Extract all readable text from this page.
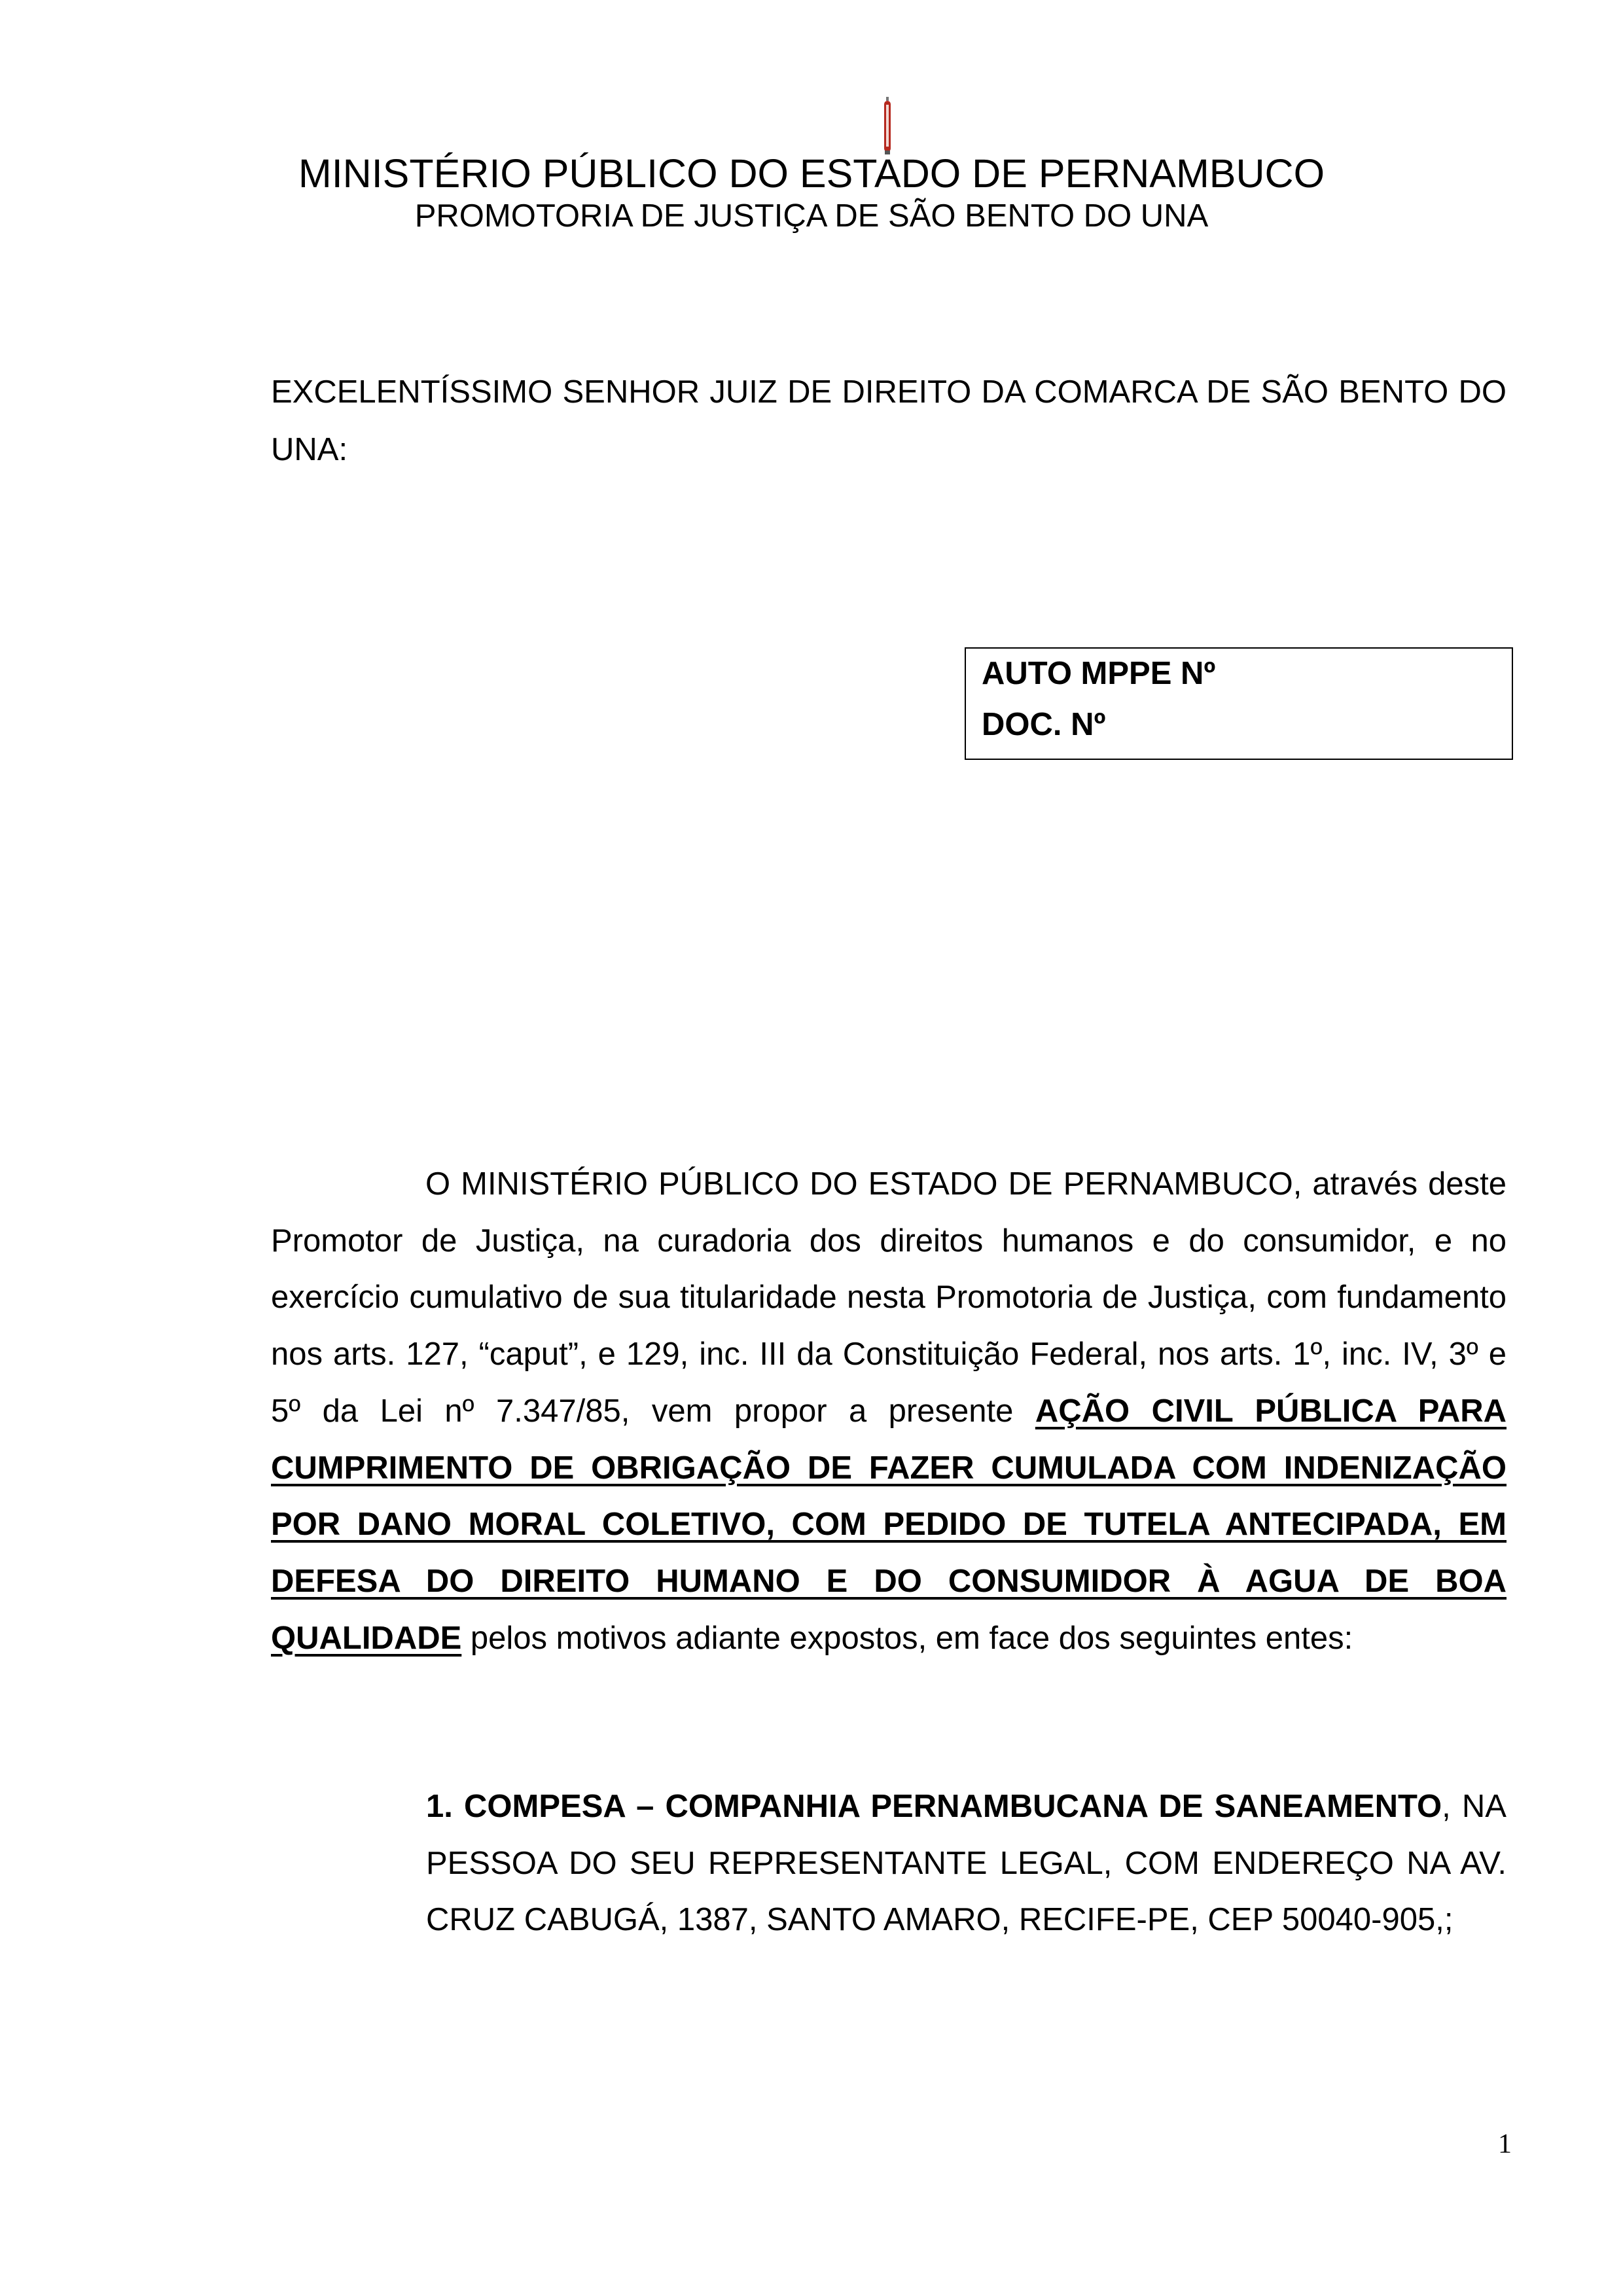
MINISTÉRIO PÚBLICO DO ESTADO DE PERNAMBUCO
PROMOTORIA DE JUSTIÇA DE SÃO BENTO DO UNA
EXCELENTÍSSIMO SENHOR JUIZ DE DIREITO DA COMARCA DE SÃO BENTO DO UNA:
AUTO MPPE Nº
DOC. Nº
O MINISTÉRIO PÚBLICO DO ESTADO DE PERNAMBUCO, através deste Promotor de Justiça, na curadoria dos direitos humanos e do consumidor, e no exercício cumulativo de sua titularidade nesta Promotoria de Justiça, com fundamento nos arts. 127, “caput”, e 129, inc. III da Constituição Federal, nos arts. 1º, inc. IV, 3º e 5º da Lei nº 7.347/85, vem propor a presente AÇÃO CIVIL PÚBLICA PARA CUMPRIMENTO DE OBRIGAÇÃO DE FAZER CUMULADA COM INDENIZAÇÃO POR DANO MORAL COLETIVO, COM PEDIDO DE TUTELA ANTECIPADA, EM DEFESA DO DIREITO HUMANO E DO CONSUMIDOR À AGUA DE BOA QUALIDADE pelos motivos adiante expostos, em face dos seguintes entes:
1. COMPESA – COMPANHIA PERNAMBUCANA DE SANEAMENTO, NA PESSOA DO SEU REPRESENTANTE LEGAL, COM ENDEREÇO NA AV. CRUZ CABUGÁ, 1387, SANTO AMARO, RECIFE-PE, CEP 50040-905,;
1
